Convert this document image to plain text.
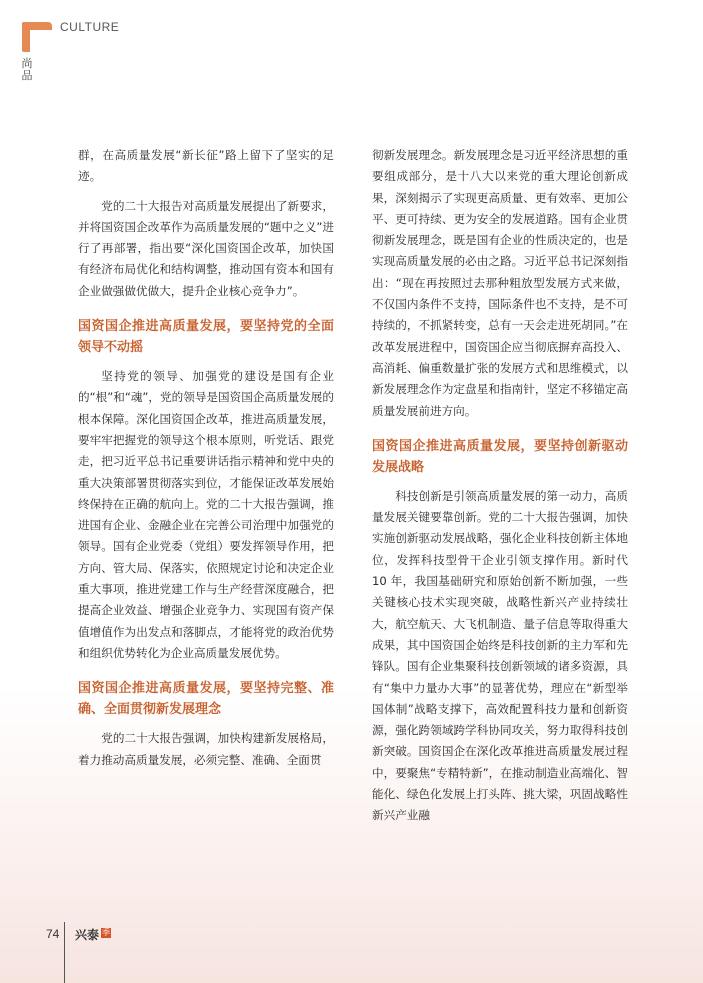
CULTURE
尚品

群，在高质量发展“新长征”路上留下了坚实的足迹。

党的二十大报告对高质量发展提出了新要求，并将国资国企改革作为高质量发展的“题中之义”进行了再部署，指出要“深化国资国企改革，加快国有经济布局优化和结构调整，推动国有资本和国有企业做强做优做大，提升企业核心竞争力”。

国资国企推进高质量发展，要坚持党的全面领导不动摇

坚持党的领导、加强党的建设是国有企业的“根”和“魂”，党的领导是国资国企高质量发展的根本保障。深化国资国企改革，推进高质量发展，要牢牢把握党的领导这个根本原则，听党话、跟党走，把习近平总书记重要讲话指示精神和党中央的重大决策部署贯彻落实到位，才能保证改革发展始终保持在正确的航向上。党的二十大报告强调，推进国有企业、金融企业在完善公司治理中加强党的领导。国有企业党委（党组）要发挥领导作用，把方向、管大局、保落实，依照规定讨论和决定企业重大事项，推进党建工作与生产经营深度融合，把提高企业效益、增强企业竞争力、实现国有资产保值增值作为出发点和落脚点，才能将党的政治优势和组织优势转化为企业高质量发展优势。

国资国企推进高质量发展，要坚持完整、准确、全面贯彻新发展理念

党的二十大报告强调，加快构建新发展格局，着力推动高质量发展，必须完整、准确、全面贯

彻新发展理念。新发展理念是习近平经济思想的重要组成部分，是十八大以来党的重大理论创新成果，深刻揭示了实现更高质量、更有效率、更加公平、更可持续、更为安全的发展道路。国有企业贯彻新发展理念，既是国有企业的性质决定的，也是实现高质量发展的必由之路。习近平总书记深刻指出：“现在再按照过去那种粗放型发展方式来做，不仅国内条件不支持，国际条件也不支持，是不可持续的，不抓紧转变，总有一天会走进死胡同。”在改革发展进程中，国资国企应当彻底摒弃高投入、高消耗、偏重数量扩张的发展方式和思维模式，以新发展理念作为定盘星和指南针，坚定不移锚定高质量发展前进方向。

国资国企推进高质量发展，要坚持创新驱动发展战略

科技创新是引领高质量发展的第一动力，高质量发展关键要靠创新。党的二十大报告强调，加快实施创新驱动发展战略，强化企业科技创新主体地位，发挥科技型骨干企业引领支撑作用。新时代 10 年，我国基础研究和原始创新不断加强，一些关键核心技术实现突破，战略性新兴产业持续壮大，航空航天、大飞机制造、量子信息等取得重大成果，其中国资国企始终是科技创新的主力军和先锋队。国有企业集聚科技创新领域的诸多资源，具有“集中力量办大事”的显著优势，理应在“新型举国体制”战略支撑下，高效配置科技力量和创新资源，强化跨领域跨学科协同攻关，努力取得科技创新突破。国资国企在深化改革推进高质量发展过程中，要聚焦“专精特新”，在推动制造业高端化、智能化、绿色化发展上打头阵、挑大梁，巩固战略性新兴产业融

74 兴泰 季
